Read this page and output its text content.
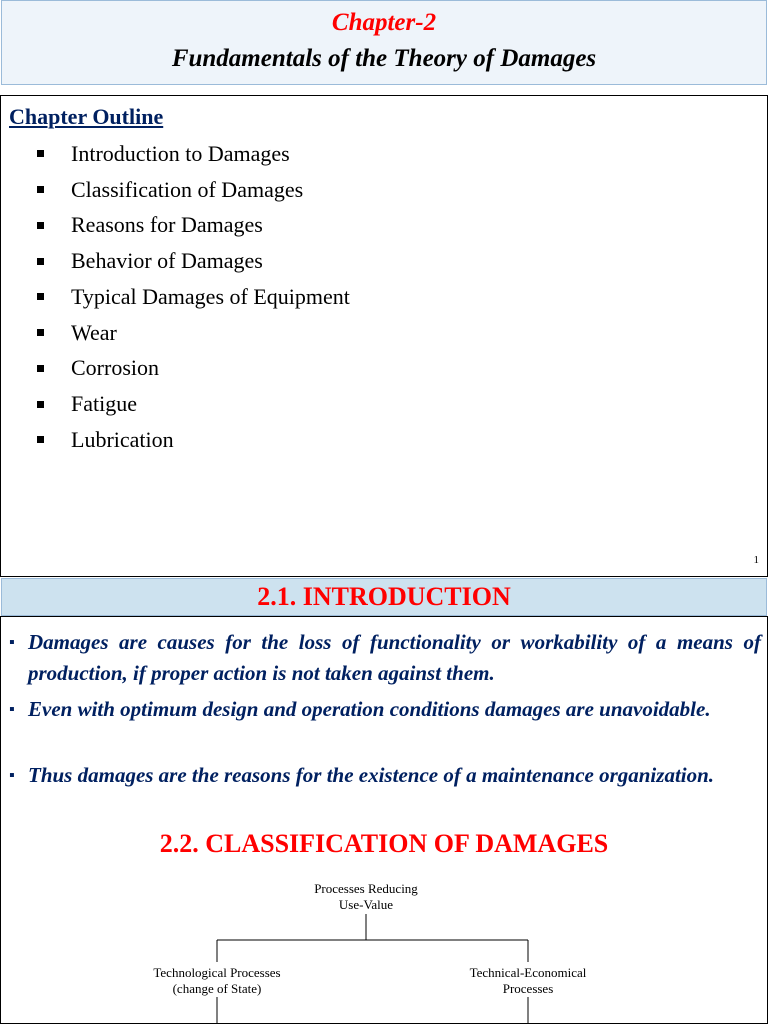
Chapter-2
Fundamentals of the Theory of Damages
Chapter Outline
Introduction to Damages
Classification of Damages
Reasons for Damages
Behavior of Damages
Typical Damages of Equipment
Wear
Corrosion
Fatigue
Lubrication
1
2.1. INTRODUCTION
▪ Damages are causes for the loss of functionality or workability of a means of production, if proper action is not taken against them.
▪ Even with optimum design and operation conditions damages are unavoidable.
▪ Thus damages are the reasons for the existence of a maintenance organization.
2.2. CLASSIFICATION OF DAMAGES
Processes Reducing
Use-Value
Technological Processes
(change of State)
Technical-Economical
Processes
